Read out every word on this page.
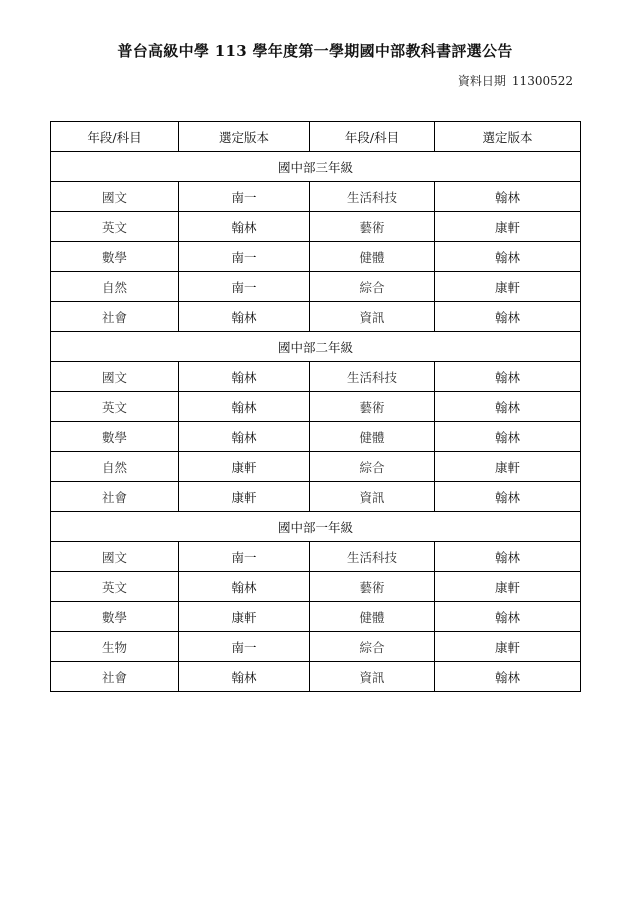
普台高級中學 113 學年度第一學期國中部教科書評選公告
資料日期 11300522
年段/科目	選定版本	年段/科目	選定版本
國中部三年級			
國文	南一	生活科技	翰林
英文	翰林	藝術	康軒
數學	南一	健體	翰林
自然	南一	綜合	康軒
社會	翰林	資訊	翰林
國中部二年級			
國文	翰林	生活科技	翰林
英文	翰林	藝術	翰林
數學	翰林	健體	翰林
自然	康軒	綜合	康軒
社會	康軒	資訊	翰林
國中部一年級			
國文	南一	生活科技	翰林
英文	翰林	藝術	康軒
數學	康軒	健體	翰林
生物	南一	綜合	康軒
社會	翰林	資訊	翰林
